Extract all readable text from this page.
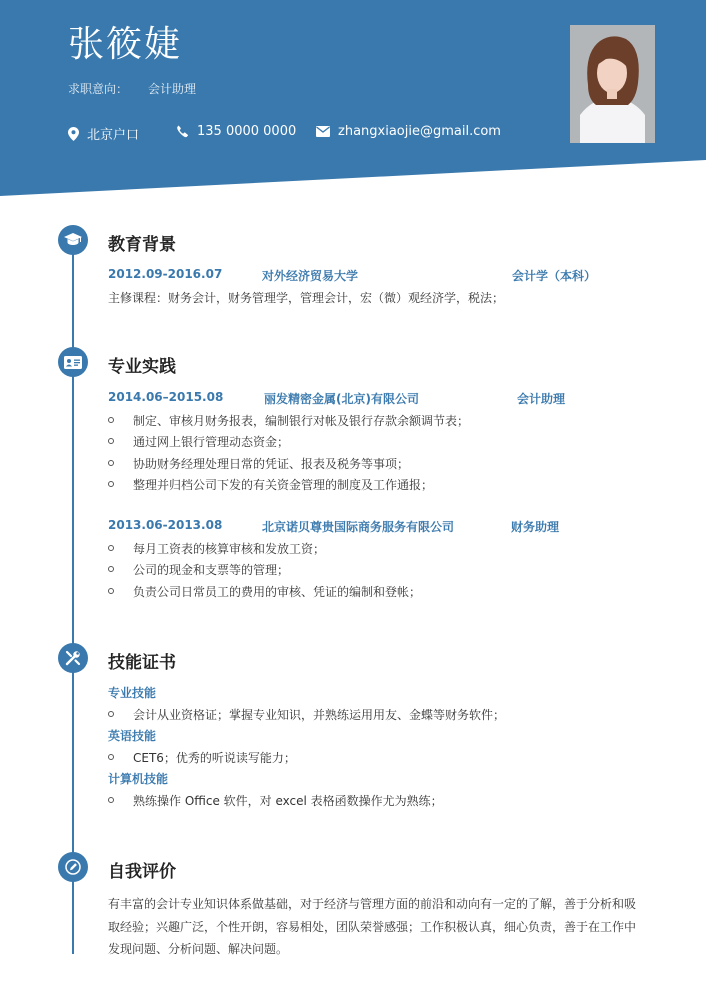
张筱婕
求职意向： 会计助理
北京户口	135 0000 0000	zhangxiaojie@gmail.com
教育背景
2012.09-2016.07	对外经济贸易大学	会计学（本科）
主修课程：财务会计，财务管理学，管理会计，宏（微）观经济学，税法；
专业实践
2014.06–2015.08	丽发精密金属(北京)有限公司	会计助理
制定、审核月财务报表，编制银行对帐及银行存款余额调节表；
通过网上银行管理动态资金；
协助财务经理处理日常的凭证、报表及税务等事项；
整理并归档公司下发的有关资金管理的制度及工作通报；
2013.06-2013.08	北京诺贝尊贵国际商务服务有限公司	财务助理
每月工资表的核算审核和发放工资；
公司的现金和支票等的管理；
负责公司日常员工的费用的审核、凭证的编制和登帐；
技能证书
专业技能
会计从业资格证；掌握专业知识，并熟练运用用友、金蝶等财务软件；
英语技能
CET6；优秀的听说读写能力；
计算机技能
熟练操作 Office 软件，对 excel 表格函数操作尤为熟练；
自我评价
有丰富的会计专业知识体系做基础，对于经济与管理方面的前沿和动向有一定的了解，善于分析和吸取经验；兴趣广泛，个性开朗，容易相处，团队荣誉感强；工作积极认真，细心负责，善于在工作中发现问题、分析问题、解决问题。
